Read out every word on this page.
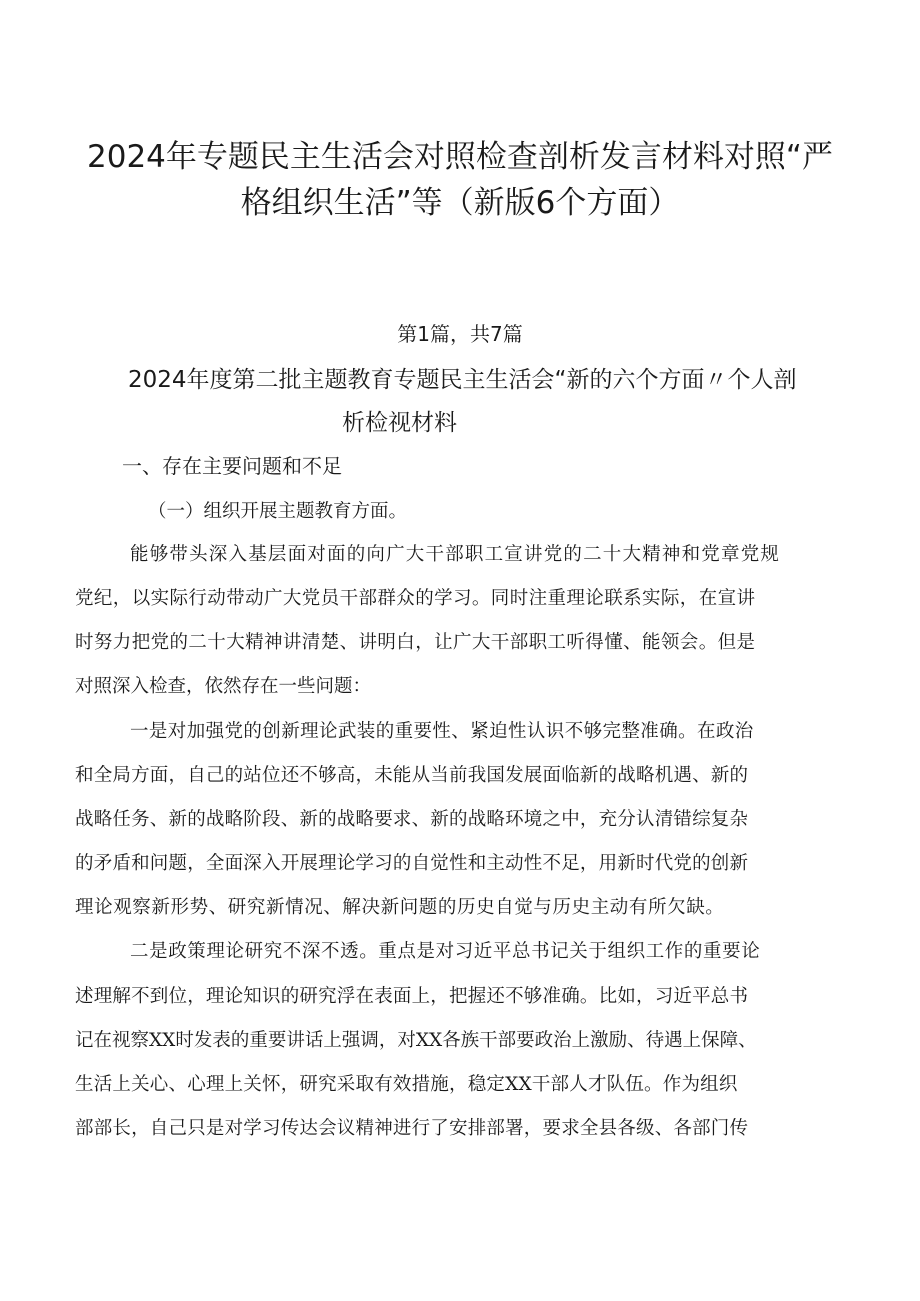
2024年专题民主生活会对照检查剖析发言材料对照“严
格组织生活”等（新版6个方面）
第1篇，共7篇
2024年度第二批主题教育专题民主生活会“新的六个方面〃个人剖
析检视材料
一、存在主要问题和不足
（一）组织开展主题教育方面。
能够带头深入基层面对面的向广大干部职工宣讲党的二十大精神和党章党规
党纪，以实际行动带动广大党员干部群众的学习。同时注重理论联系实际，在宣讲
时努力把党的二十大精神讲清楚、讲明白，让广大干部职工听得懂、能领会。但是
对照深入检查，依然存在一些问题：
一是对加强党的创新理论武装的重要性、紧迫性认识不够完整准确。在政治
和全局方面，自己的站位还不够高，未能从当前我国发展面临新的战略机遇、新的
战略任务、新的战略阶段、新的战略要求、新的战略环境之中，充分认清错综复杂
的矛盾和问题，全面深入开展理论学习的自觉性和主动性不足，用新时代党的创新
理论观察新形势、研究新情况、解决新问题的历史自觉与历史主动有所欠缺。
二是政策理论研究不深不透。重点是对习近平总书记关于组织工作的重要论
述理解不到位，理论知识的研究浮在表面上，把握还不够准确。比如，习近平总书
记在视察XX时发表的重要讲话上强调，对XX各族干部要政治上激励、待遇上保障、
生活上关心、心理上关怀，研究采取有效措施，稳定XX干部人才队伍。作为组织
部部长，自己只是对学习传达会议精神进行了安排部署，要求全县各级、各部门传
